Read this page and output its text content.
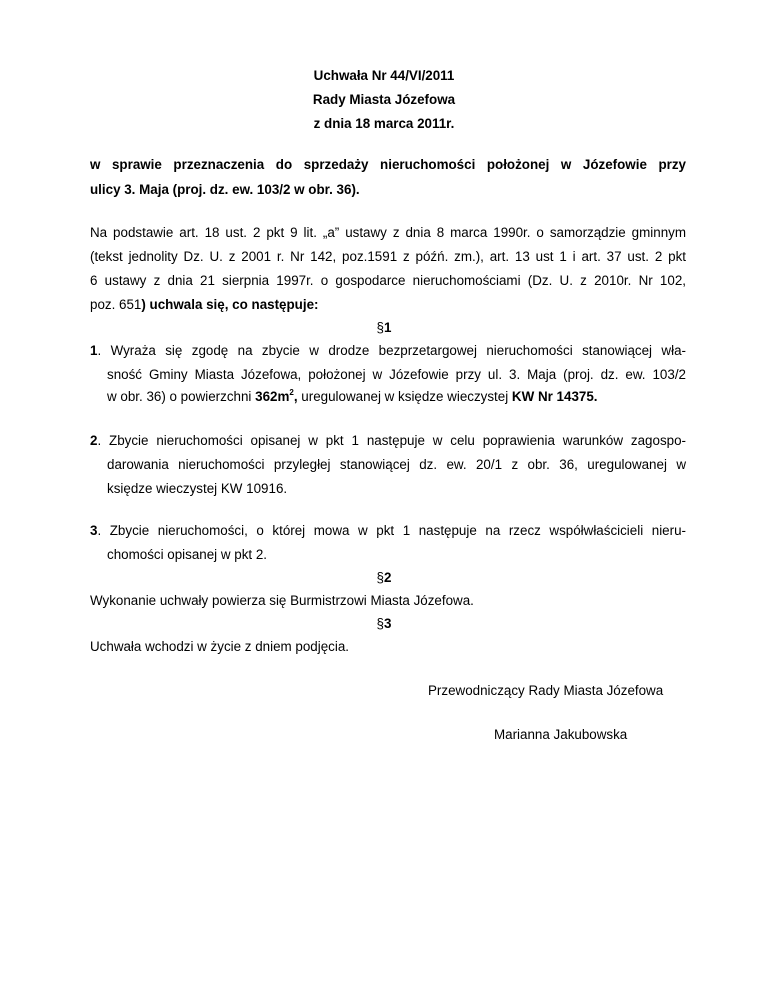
Uchwała Nr 44/VI/2011
Rady Miasta Józefowa
z dnia 18 marca 2011r.
w sprawie przeznaczenia do sprzedaży nieruchomości położonej w Józefowie przy
ulicy 3. Maja (proj. dz. ew. 103/2 w obr. 36).
Na podstawie art. 18 ust. 2 pkt 9 lit. „a” ustawy z dnia 8 marca 1990r. o samorządzie gminnym
(tekst jednolity Dz. U. z 2001 r. Nr 142, poz.1591 z późń. zm.), art. 13 ust 1 i art. 37 ust. 2 pkt
6 ustawy z dnia 21 sierpnia 1997r. o gospodarce nieruchomościami (Dz. U. z 2010r. Nr 102,
poz. 651) uchwala się, co następuje:
§1
1. Wyraża się zgodę na zbycie w drodze bezprzetargowej nieruchomości stanowiącej wła-
sność Gminy Miasta Józefowa, położonej w Józefowie przy ul. 3. Maja (proj. dz. ew. 103/2
w obr. 36) o powierzchni $362m^2$, uregulowanej w księdze wieczystej KW Nr 14375.
2. Zbycie nieruchomości opisanej w pkt 1 następuje w celu poprawienia warunków zagospo-
darowania nieruchomości przyległej stanowiącej dz. ew. 20/1 z obr. 36, uregulowanej w
księdze wieczystej KW 10916.
3. Zbycie nieruchomości, o której mowa w pkt 1 następuje na rzecz współwłaścicieli nieru-
chomości opisanej w pkt 2.
§2
Wykonanie uchwały powierza się Burmistrzowi Miasta Józefowa.
§3
Uchwała wchodzi w życie z dniem podjęcia.
Przewodniczący Rady Miasta Józefowa
Marianna Jakubowska
